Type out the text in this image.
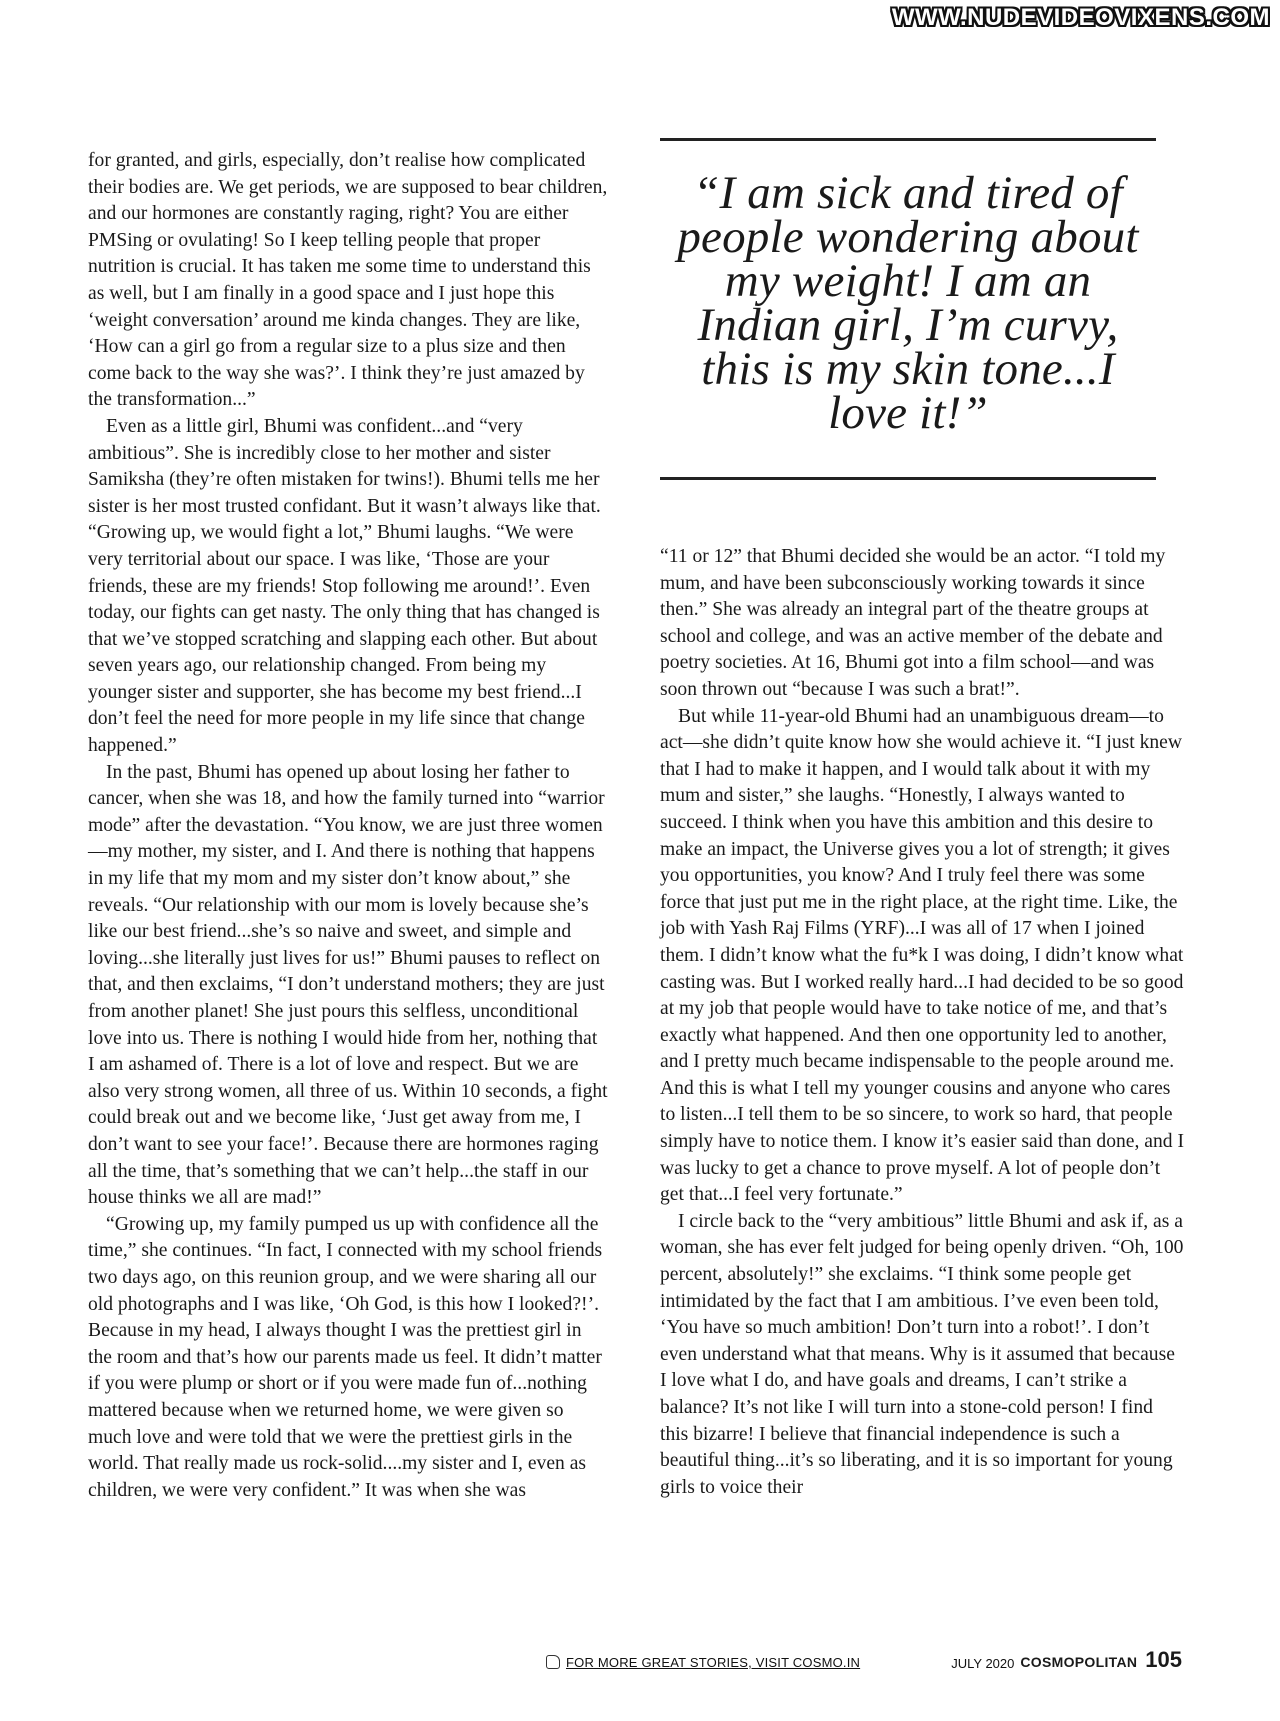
WWW.NUDEVIDEOVIXENS.COM

for granted, and girls, especially, don’t realise how complicated their bodies are. We get periods, we are supposed to bear children, and our hormones are constantly raging, right? You are either PMSing or ovulating! So I keep telling people that proper nutrition is crucial. It has taken me some time to understand this as well, but I am finally in a good space and I just hope this ‘weight conversation’ around me kinda changes. They are like, ‘How can a girl go from a regular size to a plus size and then come back to the way she was?’. I think they’re just amazed by the transformation...”

Even as a little girl, Bhumi was confident...and “very ambitious”. She is incredibly close to her mother and sister Samiksha (they’re often mistaken for twins!). Bhumi tells me her sister is her most trusted confidant. But it wasn’t always like that. “Growing up, we would fight a lot,” Bhumi laughs. “We were very territorial about our space. I was like, ‘Those are your friends, these are my friends! Stop following me around!’. Even today, our fights can get nasty. The only thing that has changed is that we’ve stopped scratching and slapping each other. But about seven years ago, our relationship changed. From being my younger sister and supporter, she has become my best friend...I don’t feel the need for more people in my life since that change happened.”

In the past, Bhumi has opened up about losing her father to cancer, when she was 18, and how the family turned into “warrior mode” after the devastation. “You know, we are just three women—my mother, my sister, and I. And there is nothing that happens in my life that my mom and my sister don’t know about,” she reveals. “Our relationship with our mom is lovely because she’s like our best friend...she’s so naive and sweet, and simple and loving...she literally just lives for us!” Bhumi pauses to reflect on that, and then exclaims, “I don’t understand mothers; they are just from another planet! She just pours this selfless, unconditional love into us. There is nothing I would hide from her, nothing that I am ashamed of. There is a lot of love and respect. But we are also very strong women, all three of us. Within 10 seconds, a fight could break out and we become like, ‘Just get away from me, I don’t want to see your face!’. Because there are hormones raging all the time, that’s something that we can’t help...the staff in our house thinks we all are mad!”

“Growing up, my family pumped us up with confidence all the time,” she continues. “In fact, I connected with my school friends two days ago, on this reunion group, and we were sharing all our old photographs and I was like, ‘Oh God, is this how I looked?!’. Because in my head, I always thought I was the prettiest girl in the room and that’s how our parents made us feel. It didn’t matter if you were plump or short or if you were made fun of...nothing mattered because when we returned home, we were given so much love and were told that we were the prettiest girls in the world. That really made us rock-solid....my sister and I, even as children, we were very confident.” It was when she was

“I am sick and tired of people wondering about my weight! I am an Indian girl, I’m curvy, this is my skin tone...I love it!”

“11 or 12” that Bhumi decided she would be an actor. “I told my mum, and have been subconsciously working towards it since then.” She was already an integral part of the theatre groups at school and college, and was an active member of the debate and poetry societies. At 16, Bhumi got into a film school—and was soon thrown out “because I was such a brat!”.

But while 11-year-old Bhumi had an unambiguous dream—to act—she didn’t quite know how she would achieve it. “I just knew that I had to make it happen, and I would talk about it with my mum and sister,” she laughs. “Honestly, I always wanted to succeed. I think when you have this ambition and this desire to make an impact, the Universe gives you a lot of strength; it gives you opportunities, you know? And I truly feel there was some force that just put me in the right place, at the right time. Like, the job with Yash Raj Films (YRF)...I was all of 17 when I joined them. I didn’t know what the fu*k I was doing, I didn’t know what casting was. But I worked really hard...I had decided to be so good at my job that people would have to take notice of me, and that’s exactly what happened. And then one opportunity led to another, and I pretty much became indispensable to the people around me. And this is what I tell my younger cousins and anyone who cares to listen...I tell them to be so sincere, to work so hard, that people simply have to notice them. I know it’s easier said than done, and I was lucky to get a chance to prove myself. A lot of people don’t get that...I feel very fortunate.”

I circle back to the “very ambitious” little Bhumi and ask if, as a woman, she has ever felt judged for being openly driven. “Oh, 100 percent, absolutely!” she exclaims. “I think some people get intimidated by the fact that I am ambitious. I’ve even been told, ‘You have so much ambition! Don’t turn into a robot!’. I don’t even understand what that means. Why is it assumed that because I love what I do, and have goals and dreams, I can’t strike a balance? It’s not like I will turn into a stone-cold person! I find this bizarre! I believe that financial independence is such a beautiful thing...it’s so liberating, and it is so important for young girls to voice their

FOR MORE GREAT STORIES, VISIT COSMO.IN	JULY 2020 COSMOPOLITAN 105
